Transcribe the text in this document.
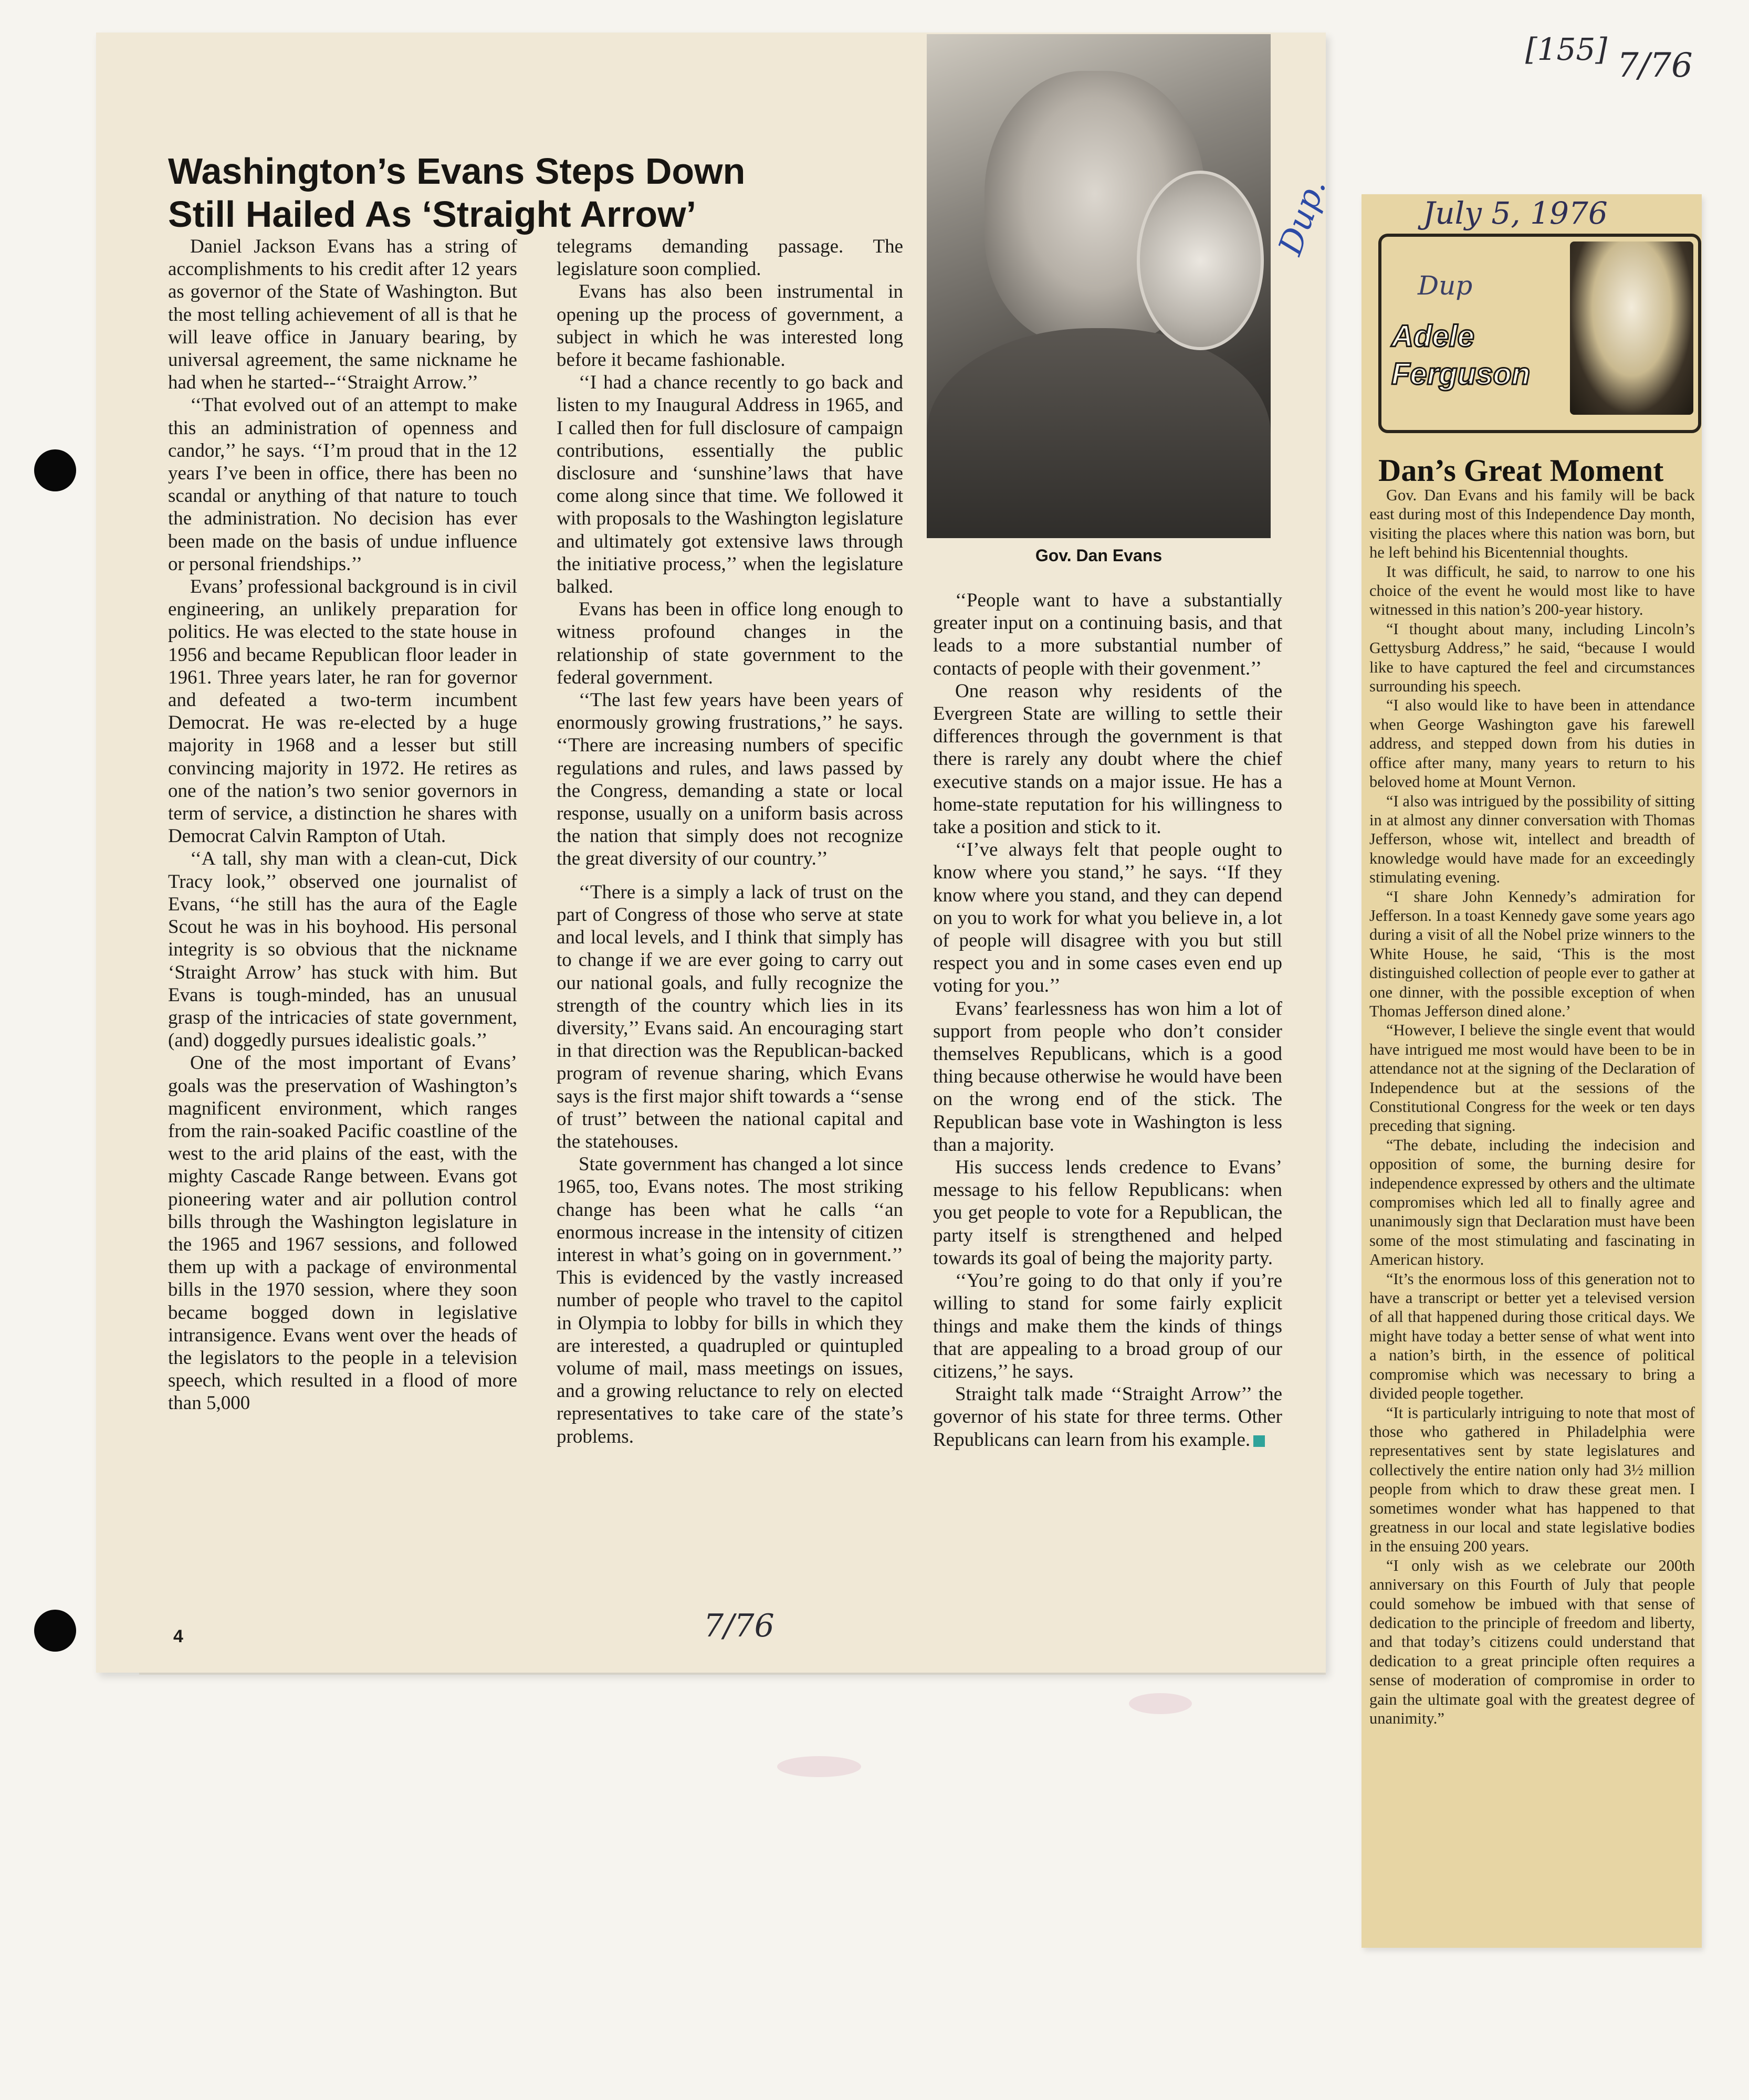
[155] 7/76
Washington’s Evans Steps Down
Still Hailed As ‘Straight Arrow’
Gov. Dan Evans
Dup.

Daniel Jackson Evans has a string of accomplishments to his credit after 12 years as governor of the State of Washington. But the most telling achievement of all is that he will leave office in January bearing, by universal agreement, the same nickname he had when he started--‘‘Straight Arrow.’’

‘‘That evolved out of an attempt to make this an administration of openness and candor,’’ he says. ‘‘I’m proud that in the 12 years I’ve been in office, there has been no scandal or anything of that nature to touch the administration. No decision has ever been made on the basis of undue influence or personal friendships.’’

Evans’ professional background is in civil engineering, an unlikely preparation for politics. He was elected to the state house in 1956 and became Republican floor leader in 1961. Three years later, he ran for governor and defeated a two-term incumbent Democrat. He was re-elected by a huge majority in 1968 and a lesser but still convincing majority in 1972. He retires as one of the nation’s two senior governors in term of service, a distinction he shares with Democrat Calvin Rampton of Utah.

‘‘A tall, shy man with a clean-cut, Dick Tracy look,’’ observed one journalist of Evans, ‘‘he still has the aura of the Eagle Scout he was in his boyhood. His personal integrity is so obvious that the nickname ‘Straight Arrow’ has stuck with him. But Evans is tough-minded, has an unusual grasp of the intricacies of state government, (and) doggedly pursues idealistic goals.’’

One of the most important of Evans’ goals was the preservation of Washington’s magnificent environment, which ranges from the rain-soaked Pacific coastline of the west to the arid plains of the east, with the mighty Cascade Range between. Evans got pioneering water and air pollution control bills through the Washington legislature in the 1965 and 1967 sessions, and followed them up with a package of environmental bills in the 1970 session, where they soon became bogged down in legislative intransigence. Evans went over the heads of the legislators to the people in a television speech, which resulted in a flood of more than 5,000

telegrams demanding passage. The legislature soon complied.

Evans has also been instrumental in opening up the process of government, a subject in which he was interested long before it became fashionable.

‘‘I had a chance recently to go back and listen to my Inaugural Address in 1965, and I called then for full disclosure of campaign contributions, essentially the public disclosure and ‘sunshine’laws that have come along since that time. We followed it with proposals to the Washington legislature and ultimately got extensive laws through the initiative process,’’ when the legislature balked.

Evans has been in office long enough to witness profound changes in the relationship of state government to the federal government.

‘‘The last few years have been years of enormously growing frustrations,’’ he says. ‘‘There are increasing numbers of specific regulations and rules, and laws passed by the Congress, demanding a state or local response, usually on a uniform basis across the nation that simply does not recognize the great diversity of our country.’’

‘‘There is a simply a lack of trust on the part of Congress of those who serve at state and local levels, and I think that simply has to change if we are ever going to carry out our national goals, and fully recognize the strength of the country which lies in its diversity,’’ Evans said. An encouraging start in that direction was the Republican-backed program of revenue sharing, which Evans says is the first major shift towards a ‘‘sense of trust’’ between the national capital and the statehouses.

State government has changed a lot since 1965, too, Evans notes. The most striking change has been what he calls ‘‘an enormous increase in the intensity of citizen interest in what’s going on in government.’’ This is evidenced by the vastly increased number of people who travel to the capitol in Olympia to lobby for bills in which they are interested, a quadrupled or quintupled volume of mail, mass meetings on issues, and a growing reluctance to rely on elected representatives to take care of the state’s problems.

‘‘People want to have a substantially greater input on a continuing basis, and that leads to a more substantial number of contacts of people with their govenment.’’

One reason why residents of the Evergreen State are willing to settle their differences through the government is that there is rarely any doubt where the chief executive stands on a major issue. He has a home-state reputation for his willingness to take a position and stick to it.

‘‘I’ve always felt that people ought to know where you stand,’’ he says. ‘‘If they know where you stand, and they can depend on you to work for what you believe in, a lot of people will disagree with you but still respect you and in some cases even end up voting for you.’’

Evans’ fearlessness has won him a lot of support from people who don’t consider themselves Republicans, which is a good thing because otherwise he would have been on the wrong end of the stick. The Republican base vote in Washington is less than a majority.

His success lends credence to Evans’ message to his fellow Republicans: when you get people to vote for a Republican, the party itself is strengthened and helped towards its goal of being the majority party.

‘‘You’re going to do that only if you’re willing to stand for some fairly explicit things and make them the kinds of things that are appealing to a broad group of our citizens,’’ he says.

Straight talk made ‘‘Straight Arrow’’ the governor of his state for three terms. Other Republicans can learn from his example.

4	7/76
July 5, 1976
Dup
Adele
Ferguson
Dan’s Great Moment

Gov. Dan Evans and his family will be back east during most of this Independence Day month, visiting the places where this nation was born, but he left behind his Bicentennial thoughts.

It was difficult, he said, to narrow to one his choice of the event he would most like to have witnessed in this nation’s 200-year history.

“I thought about many, including Lincoln’s Gettysburg Address,” he said, “because I would like to have captured the feel and circumstances surrounding his speech.

“I also would like to have been in attendance when George Washington gave his farewell address, and stepped down from his duties in office after many, many years to return to his beloved home at Mount Vernon.

“I also was intrigued by the possibility of sitting in at almost any dinner conversation with Thomas Jefferson, whose wit, intellect and breadth of knowledge would have made for an exceedingly stimulating evening.

“I share John Kennedy’s admiration for Jefferson. In a toast Kennedy gave some years ago during a visit of all the Nobel prize winners to the White House, he said, ‘This is the most distinguished collection of people ever to gather at one dinner, with the possible exception of when Thomas Jefferson dined alone.’

“However, I believe the single event that would have intrigued me most would have been to be in attendance not at the signing of the Declaration of Independence but at the sessions of the Constitutional Congress for the week or ten days preceding that signing.

“The debate, including the indecision and opposition of some, the burning desire for independence expressed by others and the ultimate compromises which led all to finally agree and unanimously sign that Declaration must have been some of the most stimulating and fascinating in American history.

“It’s the enormous loss of this generation not to have a transcript or better yet a televised version of all that happened during those critical days. We might have today a better sense of what went into a nation’s birth, in the essence of political compromise which was necessary to bring a divided people together.

“It is particularly intriguing to note that most of those who gathered in Philadelphia were representatives sent by state legislatures and collectively the entire nation only had 3½ million people from which to draw these great men. I sometimes wonder what has happened to that greatness in our local and state legislative bodies in the ensuing 200 years.

“I only wish as we celebrate our 200th anniversary on this Fourth of July that people could somehow be imbued with that sense of dedication to the principle of freedom and liberty, and that today’s citizens could understand that dedication to a great principle often requires a sense of moderation of compromise in order to gain the ultimate goal with the greatest degree of unanimity.”
